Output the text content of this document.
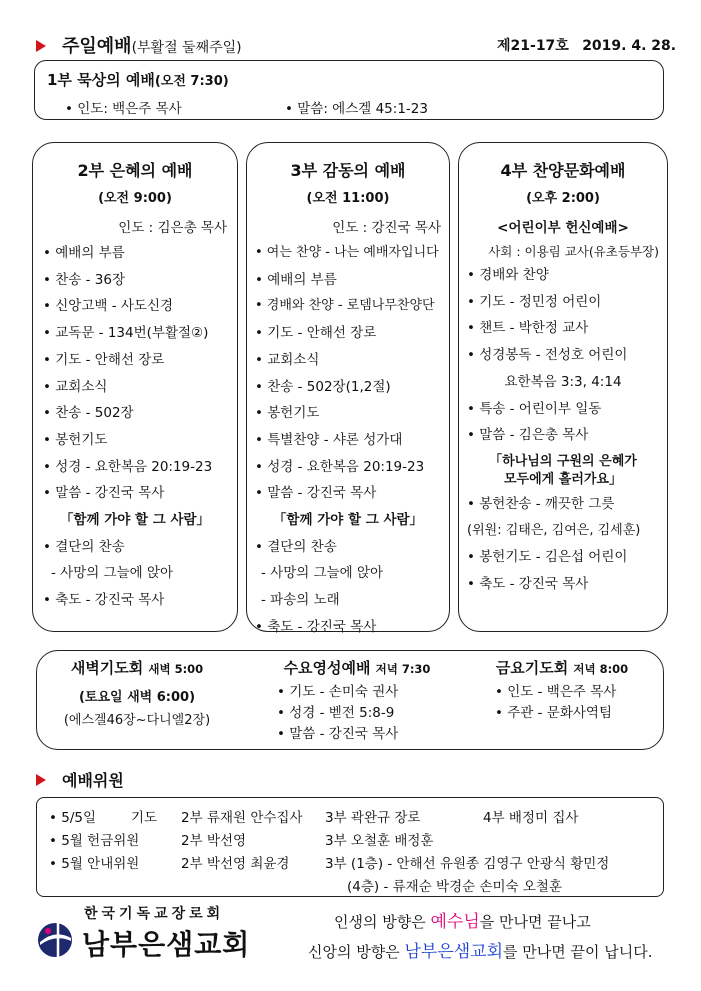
주일예배(부활절 둘째주일)	제21-17호 2019. 4. 28.
1부 묵상의 예배(오전 7:30)
• 인도: 백은주 목사	• 말씀: 에스겔 45:1-23
2부 은혜의 예배
(오전 9:00)
인도 : 김은총 목사
• 예배의 부름
• 찬송 - 36장
• 신앙고백 - 사도신경
• 교독문 - 134번(부활절②)
• 기도 - 안해선 장로
• 교회소식
• 찬송 - 502장
• 봉헌기도
• 성경 - 요한복음 20:19-23
• 말씀 - 강진국 목사
「함께 가야 할 그 사람」
• 결단의 찬송
- 사망의 그늘에 앉아
• 축도 - 강진국 목사
3부 감동의 예배
(오전 11:00)
인도 : 강진국 목사
• 여는 찬양 - 나는 예배자입니다
• 예배의 부름
• 경배와 찬양 - 로뎀나무찬양단
• 기도 - 안해선 장로
• 교회소식
• 찬송 - 502장(1,2절)
• 봉헌기도
• 특별찬양 - 샤론 성가대
• 성경 - 요한복음 20:19-23
• 말씀 - 강진국 목사
「함께 가야 할 그 사람」
• 결단의 찬송
- 사망의 그늘에 앉아
- 파송의 노래
• 축도 - 강진국 목사
4부 찬양문화예배
(오후 2:00)
<어린이부 헌신예배>
사회 : 이용림 교사(유초등부장)
• 경배와 찬양
• 기도 - 정민정 어린이
• 챈트 - 박한정 교사
• 성경봉독 - 전성호 어린이
요한복음 3:3, 4:14
• 특송 - 어린이부 일동
• 말씀 - 김은총 목사
「하나님의 구원의 은혜가
모두에게 흘러가요」
• 봉헌찬송 - 깨끗한 그릇
(위원: 김태은, 김여은, 김세훈)
• 봉헌기도 - 김은섭 어린이
• 축도 - 강진국 목사
새벽기도회 새벽 5:00
(토요일 새벽 6:00)
(에스겔46장~다니엘2장)
수요영성예배 저녁 7:30
• 기도 - 손미숙 권사
• 성경 - 벧전 5:8-9
• 말씀 - 강진국 목사
금요기도회 저녁 8:00
• 인도 - 백은주 목사
• 주관 - 문화사역팀
예배위원
• 5/5일	기도 2부 류재원 안수집사 3부 곽완규 장로	4부 배정미 집사
• 5월 헌금위원	2부 박선영	3부 오철훈 배정훈
• 5월 안내위원	2부 박선영 최윤경	3부 (1층) - 안해선 유원종 김영구 안광식 황민정
(4층) - 류재순 박경순 손미숙 오철훈
한국기독교장로회
남부은샘교회
인생의 방향은 예수님을 만나면 끝나고
신앙의 방향은 남부은샘교회를 만나면 끝이 납니다.
